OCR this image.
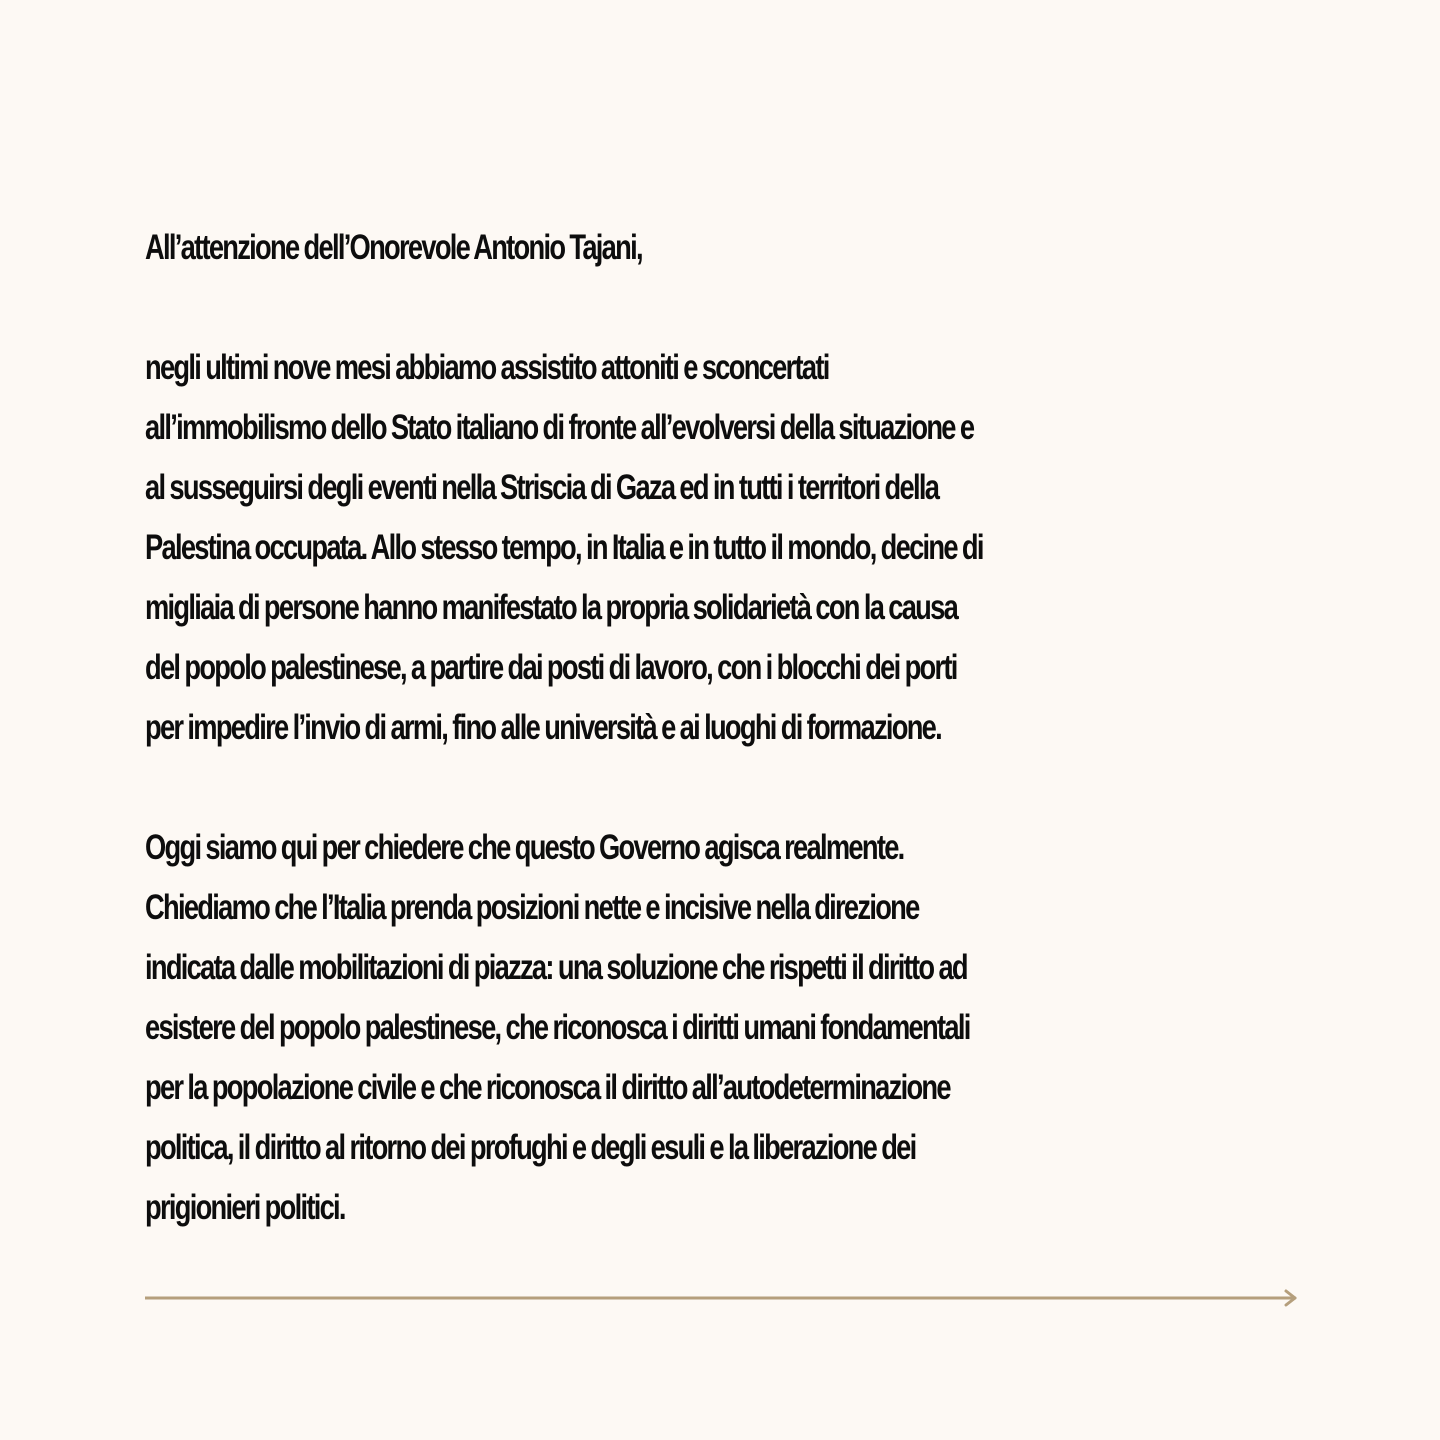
All’attenzione dell’Onorevole Antonio Tajani,
negli ultimi nove mesi abbiamo assistito attoniti e sconcertati
all’immobilismo dello Stato italiano di fronte all’evolversi della situazione e
al susseguirsi degli eventi nella Striscia di Gaza ed in tutti i territori della
Palestina occupata. Allo stesso tempo, in Italia e in tutto il mondo, decine di
migliaia di persone hanno manifestato la propria solidarietà con la causa
del popolo palestinese, a partire dai posti di lavoro, con i blocchi dei porti
per impedire l’invio di armi, fino alle università e ai luoghi di formazione.
Oggi siamo qui per chiedere che questo Governo agisca realmente.
Chiediamo che l’Italia prenda posizioni nette e incisive nella direzione
indicata dalle mobilitazioni di piazza: una soluzione che rispetti il diritto ad
esistere del popolo palestinese, che riconosca i diritti umani fondamentali
per la popolazione civile e che riconosca il diritto all’autodeterminazione
politica, il diritto al ritorno dei profughi e degli esuli e la liberazione dei
prigionieri politici.
